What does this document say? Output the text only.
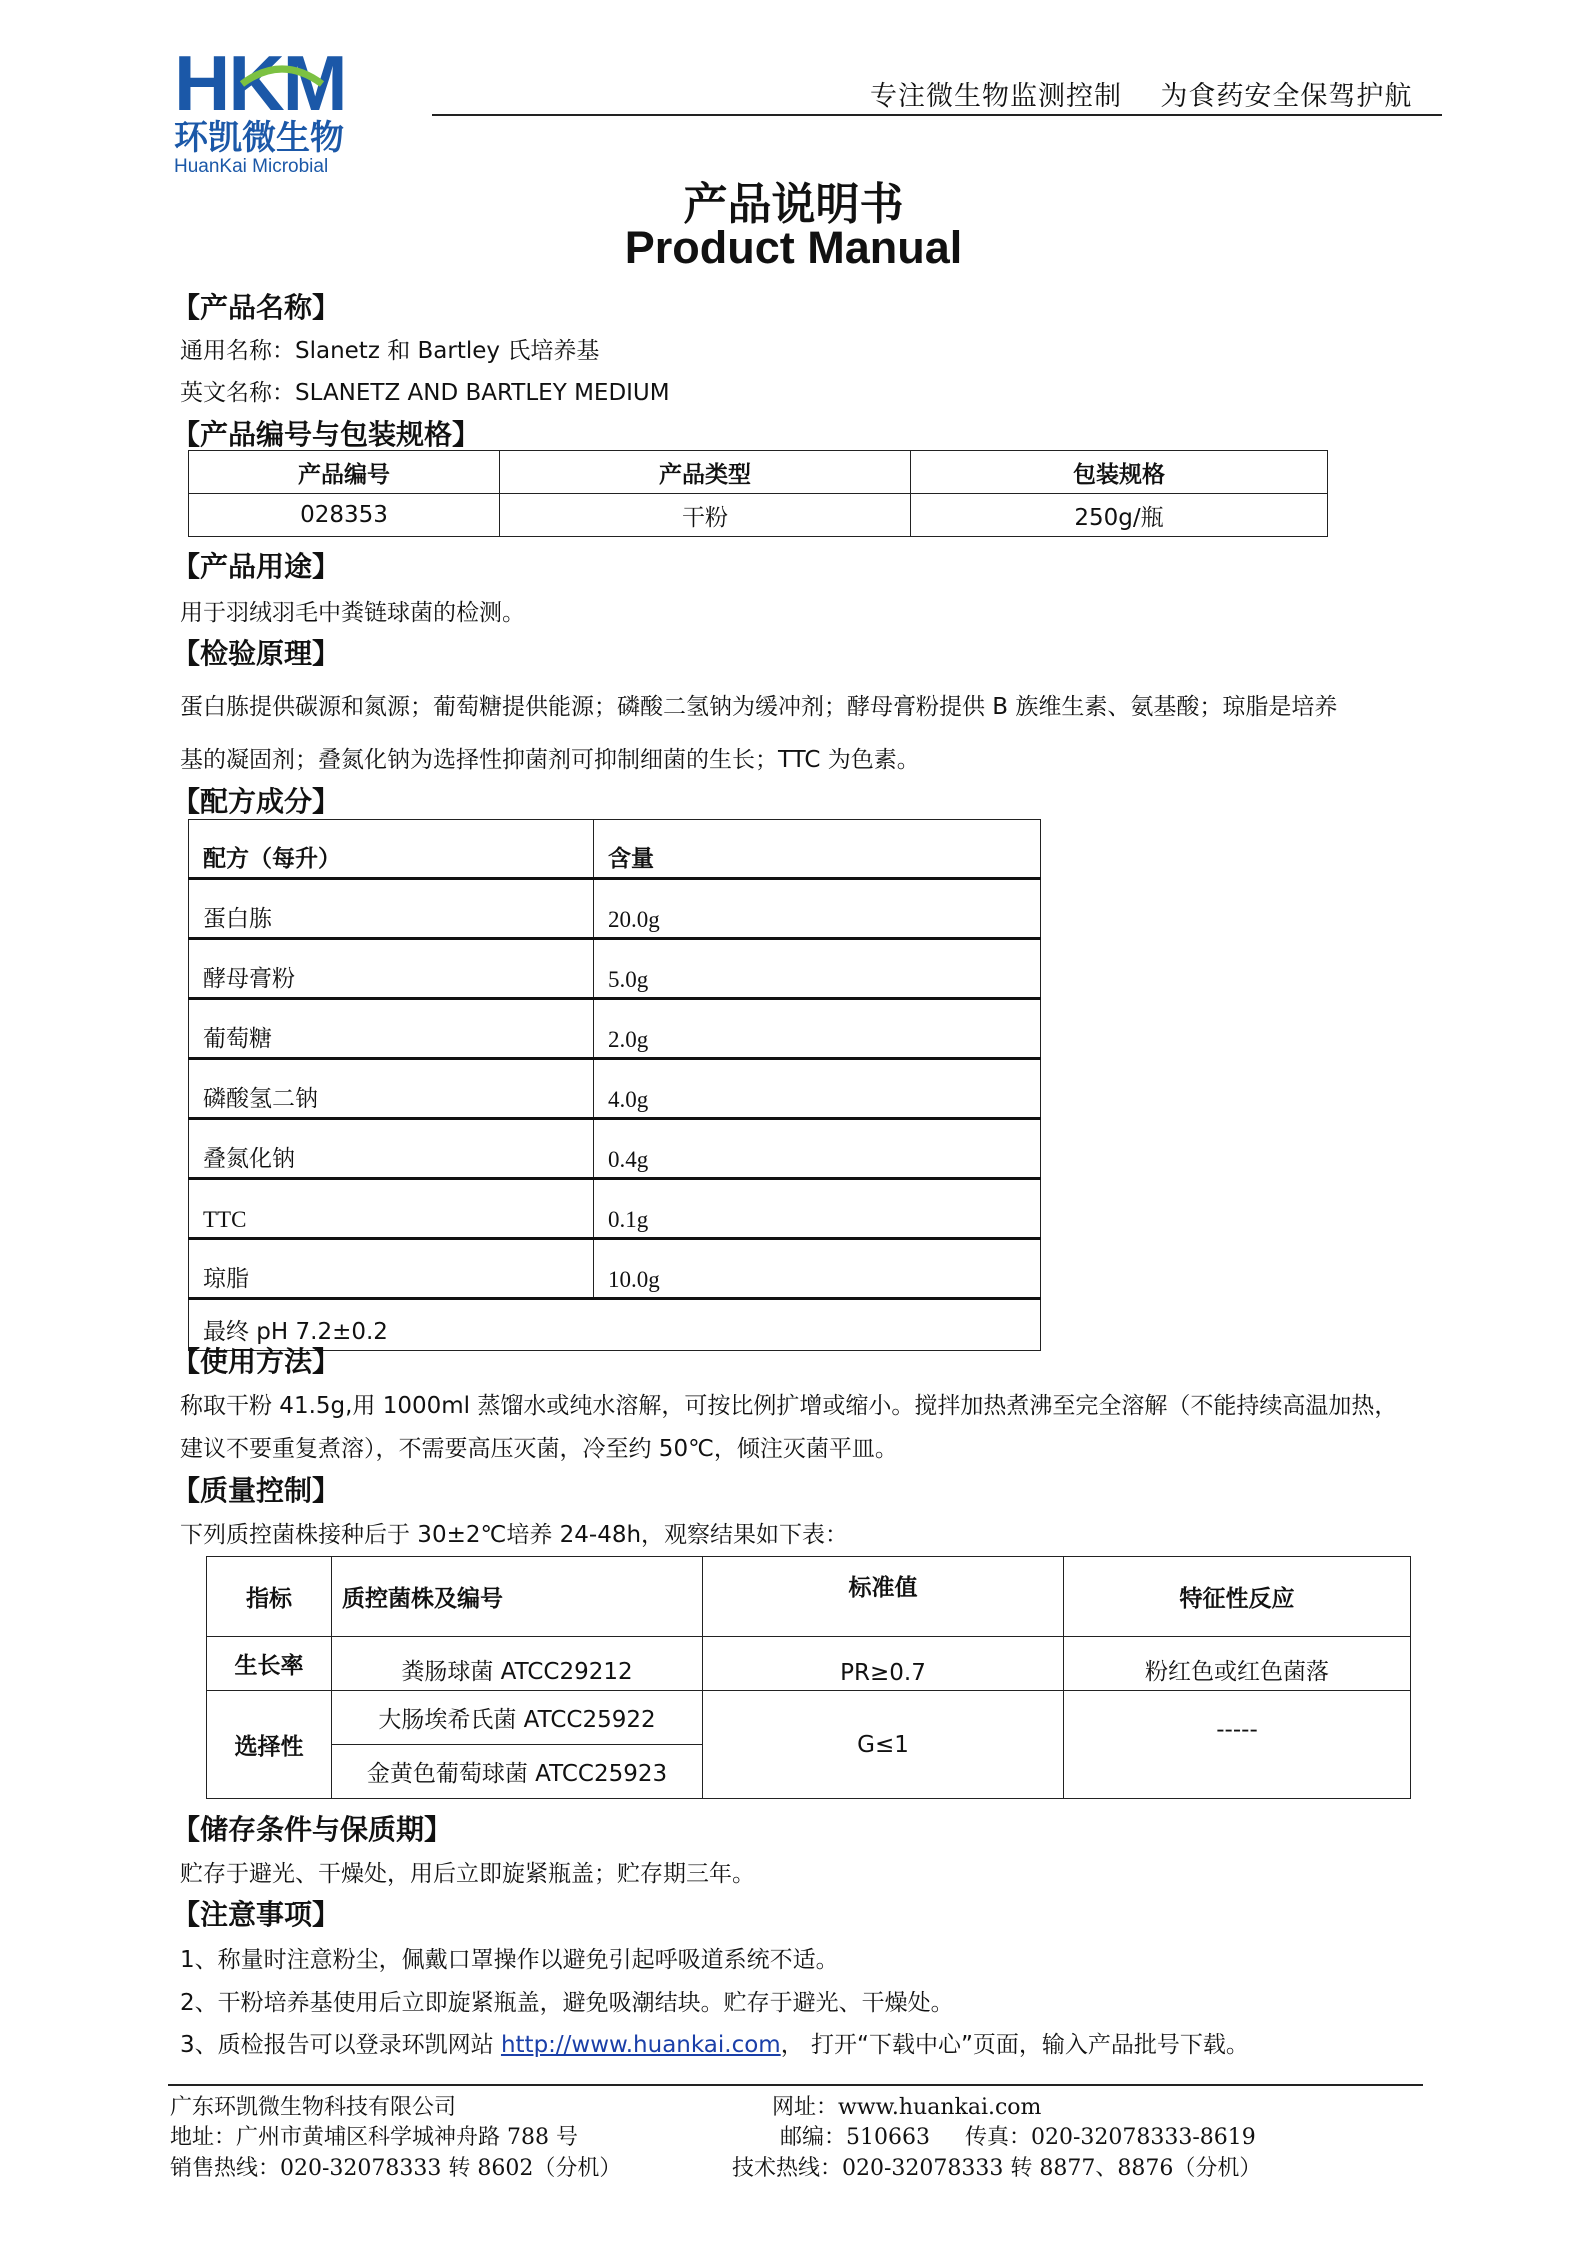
HKM
环凯微生物
HuanKai Microbial
专注微生物监测控制    为食药安全保驾护航
产品说明书
Product Manual
【产品名称】
通用名称：Slanetz 和 Bartley 氏培养基
英文名称：SLANETZ AND BARTLEY MEDIUM
【产品编号与包装规格】
产品编号	产品类型	包装规格
028353	干粉	250g/瓶
【产品用途】
用于羽绒羽毛中粪链球菌的检测。
【检验原理】
蛋白胨提供碳源和氮源；葡萄糖提供能源；磷酸二氢钠为缓冲剂；酵母膏粉提供 B 族维生素、氨基酸；琼脂是培养
基的凝固剂；叠氮化钠为选择性抑菌剂可抑制细菌的生长；TTC 为色素。
【配方成分】
配方（每升）	含量
蛋白胨	20.0g
酵母膏粉	5.0g
葡萄糖	2.0g
磷酸氢二钠	4.0g
叠氮化钠	0.4g
TTC	0.1g
琼脂	10.0g
最终 pH 7.2±0.2	
【使用方法】
称取干粉 41.5g,用 1000ml 蒸馏水或纯水溶解，可按比例扩增或缩小。搅拌加热煮沸至完全溶解（不能持续高温加热，
建议不要重复煮溶），不需要高压灭菌，冷至约 50℃，倾注灭菌平皿。
【质量控制】
下列质控菌株接种后于 30±2℃培养 24-48h，观察结果如下表：
指标	质控菌株及编号	标准值	特征性反应
生长率	粪肠球菌 ATCC29212	PR≥0.7	粉红色或红色菌落
选择性	大肠埃希氏菌 ATCC25922	G≤1	-----
	金黄色葡萄球菌 ATCC25923		
【储存条件与保质期】
贮存于避光、干燥处，用后立即旋紧瓶盖；贮存期三年。
【注意事项】
1、称量时注意粉尘，佩戴口罩操作以避免引起呼吸道系统不适。
2、干粉培养基使用后立即旋紧瓶盖，避免吸潮结块。贮存于避光、干燥处。
3、质检报告可以登录环凯网站 http://www.huankai.com， 打开“下载中心”页面，输入产品批号下载。
广东环凯微生物科技有限公司
地址：广州市黄埔区科学城神舟路 788 号
销售热线：020-32078333 转 8602（分机）
网址：www.huankai.com
邮编：510663     传真：020-32078333-8619
技术热线：020-32078333 转 8877、8876（分机）
